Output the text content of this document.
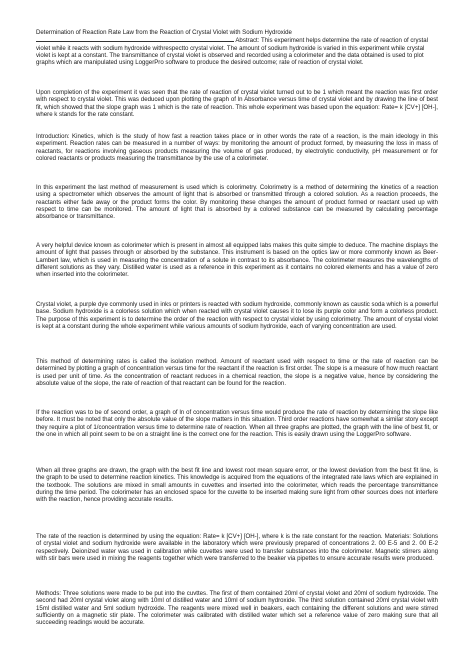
Determination of Reaction Rate Law from the Reaction of Crystal Violet with Sodium Hydroxide
Abstract: This experiment helps determine the rate of reaction of crystal violet while it reacts with sodium hydroxide withrespectto crystal violet. The amount of sodium hydroxide is varied in this experiment while crystal violet is kept at a constant. The transmittance of crystal violet is observed and recorded using a colorimeter and the data obtained is used to plot graphs which are manipulated using LoggerPro software to produce the desired outcome; rate of reaction of crystal violet.

Upon completion of the experiment it was seen that the rate of reaction of crystal violet turned out to be 1 which meant the reaction was first order with respect to crystal violet. This was deduced upon plotting the graph of ln Absorbance versus time of crystal violet and by drawing the line of best fit, which showed that the slope graph was 1 which is the rate of reaction. This whole experiment was based upon the equation: Rate= k [CV+] [OH-], where k stands for the rate constant.

Introduction: Kinetics, which is the study of how fast a reaction takes place or in other words the rate of a reaction, is the main ideology in this experiment. Reaction rates can be measured in a number of ways: by monitoring the amount of product formed, by measuring the loss in mass of reactants, for reactions involving gaseous products measuring the volume of gas produced, by electrolytic conductivity, pH measurement or for colored reactants or products measuring the transmittance by the use of a colorimeter.

In this experiment the last method of measurement is used which is colorimetry. Colorimetry is a method of determining the kinetics of a reaction using a spectrometer which observes the amount of light that is absorbed or transmitted through a colored solution. As a reaction proceeds, the reactants either fade away or the product forms the color. By monitoring these changes the amount of product formed or reactant used up with respect to time can be monitored. The amount of light that is absorbed by a colored substance can be measured by calculating percentage absorbance or transmittance.

A very helpful device known as colorimeter which is present in almost all equipped labs makes this quite simple to deduce. The machine displays the amount of light that passes through or absorbed by the substance. This instrument is based on the optics law or more commonly known as Beer-Lambert law, which is used in measuring the concentration of a solute in contrast to its absorbance. The colorimeter measures the wavelengths of different solutions as they vary. Distilled water is used as a reference in this experiment as it contains no colored elements and has a value of zero when inserted into the colorimeter.

Crystal violet, a purple dye commonly used in inks or printers is reacted with sodium hydroxide, commonly known as caustic soda which is a powerful base. Sodium hydroxide is a colorless solution which when reacted with crystal violet causes it to lose its purple color and form a colorless product. The purpose of this experiment is to determine the order of the reaction with respect to crystal violet by using colorimetry. The amount of crystal violet is kept at a constant during the whole experiment while various amounts of sodium hydroxide, each of varying concentration are used.

This method of determining rates is called the isolation method. Amount of reactant used with respect to time or the rate of reaction can be determined by plotting a graph of concentration versus time for the reactant if the reaction is first order. The slope is a measure of how much reactant is used per unit of time. As the concentration of reactant reduces in a chemical reaction, the slope is a negative value, hence by considering the absolute value of the slope, the rate of reaction of that reactant can be found for the reaction.

If the reaction was to be of second order, a graph of ln of concentration versus time would produce the rate of reaction by determining the slope like before. It must be noted that only the absolute value of the slope matters in this situation. Third order reactions have somewhat a similar story except they require a plot of 1/concentration versus time to determine rate of reaction. When all three graphs are plotted, the graph with the line of best fit, or the one in which all point seem to be on a straight line is the correct one for the reaction. This is easily drawn using the LoggerPro software.

When all three graphs are drawn, the graph with the best fit line and lowest root mean square error, or the lowest deviation from the best fit line, is the graph to be used to determine reaction kinetics. This knowledge is acquired from the equations of the integrated rate laws which are explained in the textbook. The solutions are mixed in small amounts in cuvettes and inserted into the colorimeter, which reads the percentage transmittance during the time period. The colorimeter has an enclosed space for the cuvette to be inserted making sure light from other sources does not interfere with the reaction, hence providing accurate results.

The rate of the reaction is determined by using the equation: Rate= k [CV+] [OH-], where k is the rate constant for the reaction. Materials: Solutions of crystal violet and sodium hydroxide were available in the laboratory which were previously prepared of concentrations 2. 00 E-5 and 2. 00 E-2 respectively. Deionized water was used in calibration while cuvettes were used to transfer substances into the colorimeter. Magnetic stirrers along with stir bars were used in mixing the reagents together which were transferred to the beaker via pipettes to ensure accurate results were produced.

Methods: Three solutions were made to be put into the cuvttes. The first of them contained 20ml of crystal violet and 20ml of sodium hydroxide. The second had 20ml crystal violet along with 10ml of distilled water and 10ml of sodium hydroxide. The third solution contained 20ml crystal violet with 15ml distilled water and 5ml sodium hydroxide. The reagents were mixed well in beakers, each containing the different solutions and were stirred sufficiently on a magnetic stir plate. The colorimeter was calibrated with distilled water which set a reference value of zero making sure that all succeeding readings would be accurate.
